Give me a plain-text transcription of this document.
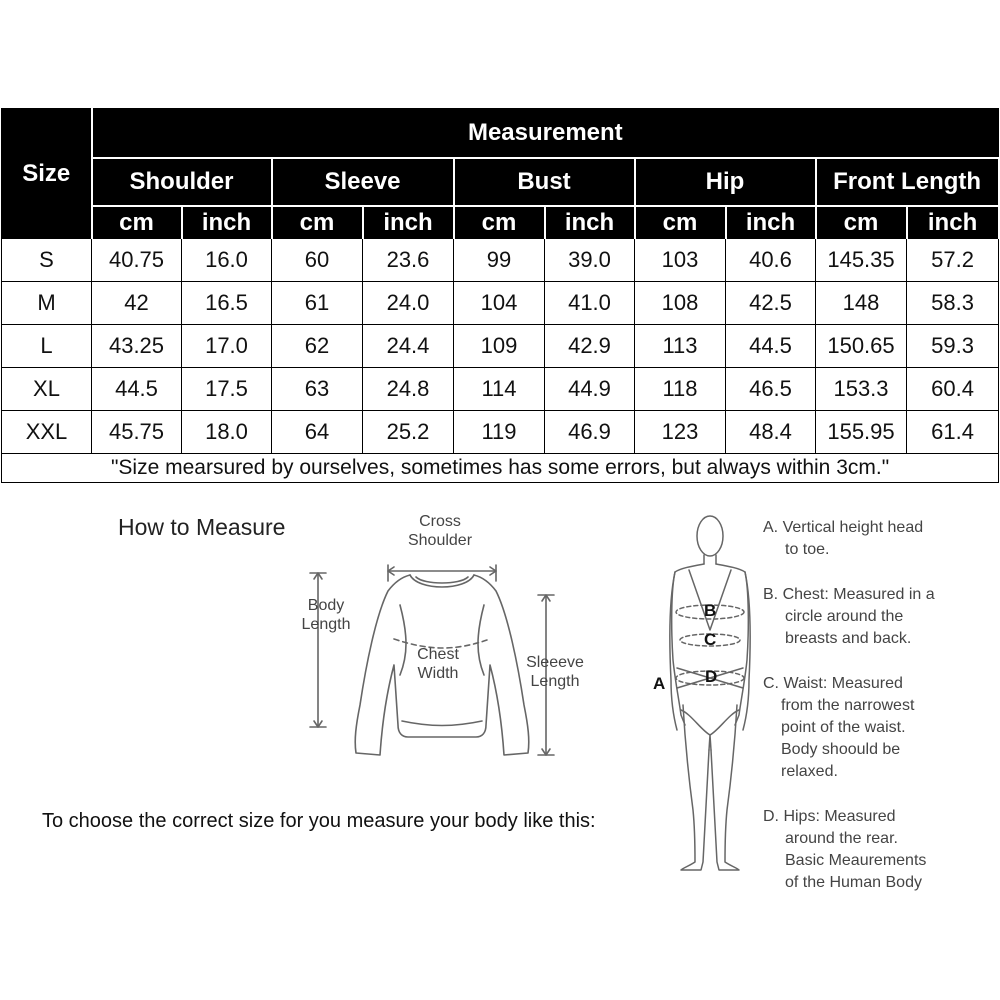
Size	Measurement									
	Shoulder		Sleeve		Bust		Hip		Front Length	
	cm	inch	cm	inch	cm	inch	cm	inch	cm	inch
S	40.75	16.0	60	23.6	99	39.0	103	40.6	145.35	57.2
M	42	16.5	61	24.0	104	41.0	108	42.5	148	58.3
L	43.25	17.0	62	24.4	109	42.9	113	44.5	150.65	59.3
XL	44.5	17.5	63	24.8	114	44.9	118	46.5	153.3	60.4
XXL	45.75	18.0	64	25.2	119	46.9	123	48.4	155.95	61.4
"Size mearsured by ourselves, sometimes has some errors, but always within 3cm."										
How to Measure	Cross
Shoulder
Body
Length
Chest
Width
Sleeeve
Length
To choose the correct size for you measure your body like this:
B
C
D
A
A. Vertical height head
to toe.
B. Chest: Measured in a
circle around the
breasts and back.
C. Waist: Measured
from the narrowest
point of the waist.
Body shoould be
relaxed.
D. Hips: Measured
around the rear.
Basic Meaurements
of the Human Body
